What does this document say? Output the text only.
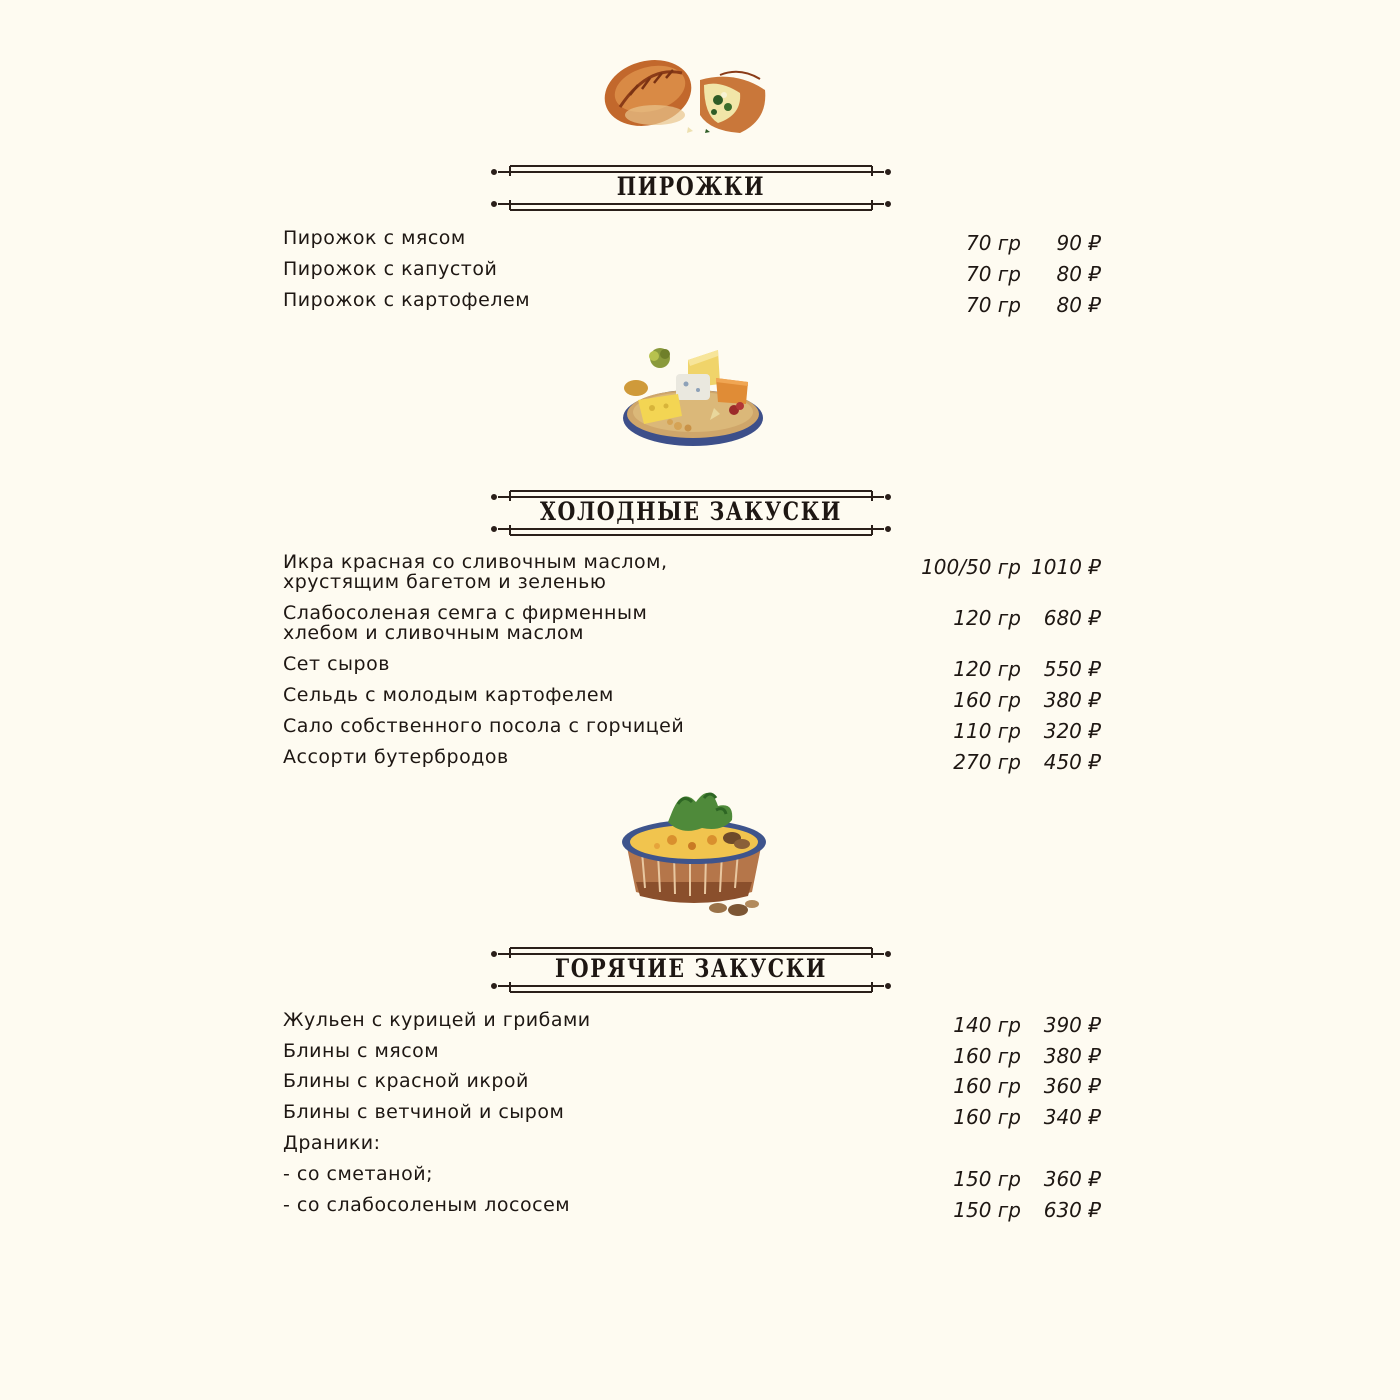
ПИРОЖКИ
Пирожок с мясом	70 гр 90 ₽
Пирожок с капустой	70 гр 80 ₽
Пирожок с картофелем	70 гр 80 ₽
ХОЛОДНЫЕ ЗАКУСКИ
Икра красная со сливочным маслом,
хрустящим багетом и зеленью
100/50 гр 1010 ₽
Слабосоленая семга с фирменным
хлебом и сливочным маслом
120 гр 680 ₽
Сет сыров	120 гр 550 ₽
Сельдь с молодым картофелем	160 гр 380 ₽
Сало собственного посола с горчицей	110 гр 320 ₽
Ассорти бутербродов	270 гр 450 ₽
ГОРЯЧИЕ ЗАКУСКИ
Жульен с курицей и грибами	140 гр 390 ₽
Блины с мясом	160 гр 380 ₽
Блины с красной икрой	160 гр 360 ₽
Блины с ветчиной и сыром	160 гр 340 ₽
Драники:
- со сметаной;	150 гр 360 ₽
- со слабосоленым лососем	150 гр 630 ₽
